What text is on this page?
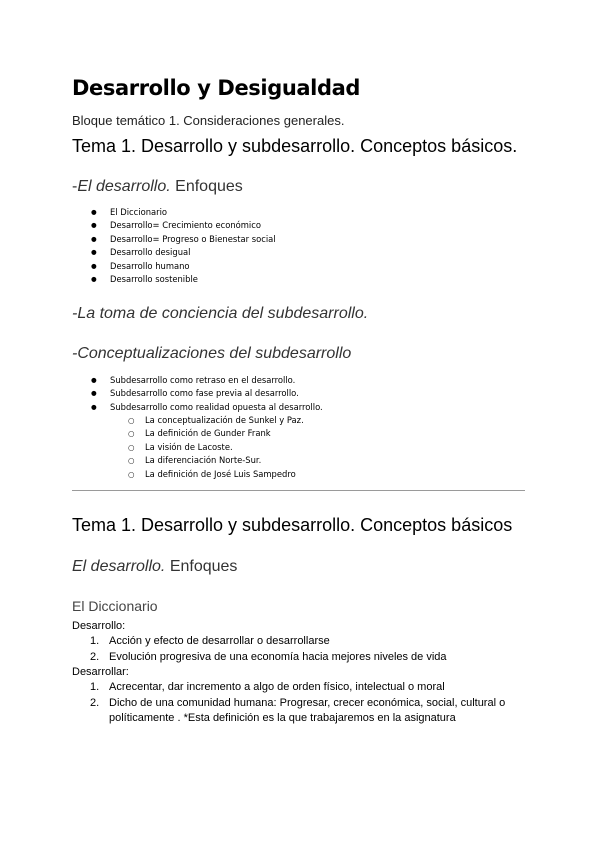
Desarrollo y Desigualdad
Bloque temático 1. Consideraciones generales.
Tema 1. Desarrollo y subdesarrollo. Conceptos básicos.
-El desarrollo. Enfoques
● El Diccionario
● Desarrollo= Crecimiento económico
● Desarrollo= Progreso o Bienestar social
● Desarrollo desigual
● Desarrollo humano
● Desarrollo sostenible
-La toma de conciencia del subdesarrollo.
-Conceptualizaciones del subdesarrollo
● Subdesarrollo como retraso en el desarrollo.
● Subdesarrollo como fase previa al desarrollo.
● Subdesarrollo como realidad opuesta al desarrollo.
○ La conceptualización de Sunkel y Paz.
○ La definición de Gunder Frank
○ La visión de Lacoste.
○ La diferenciación Norte-Sur.
○ La definición de José Luis Sampedro
Tema 1. Desarrollo y subdesarrollo. Conceptos básicos
El desarrollo. Enfoques
El Diccionario
Desarrollo:
1. Acción y efecto de desarrollar o desarrollarse
2. Evolución progresiva de una economía hacia mejores niveles de vida
Desarrollar:
1. Acrecentar, dar incremento a algo de orden físico, intelectual o moral
2. Dicho de una comunidad humana: Progresar, crecer económica, social, cultural o
políticamente . *Esta definición es la que trabajaremos en la asignatura
